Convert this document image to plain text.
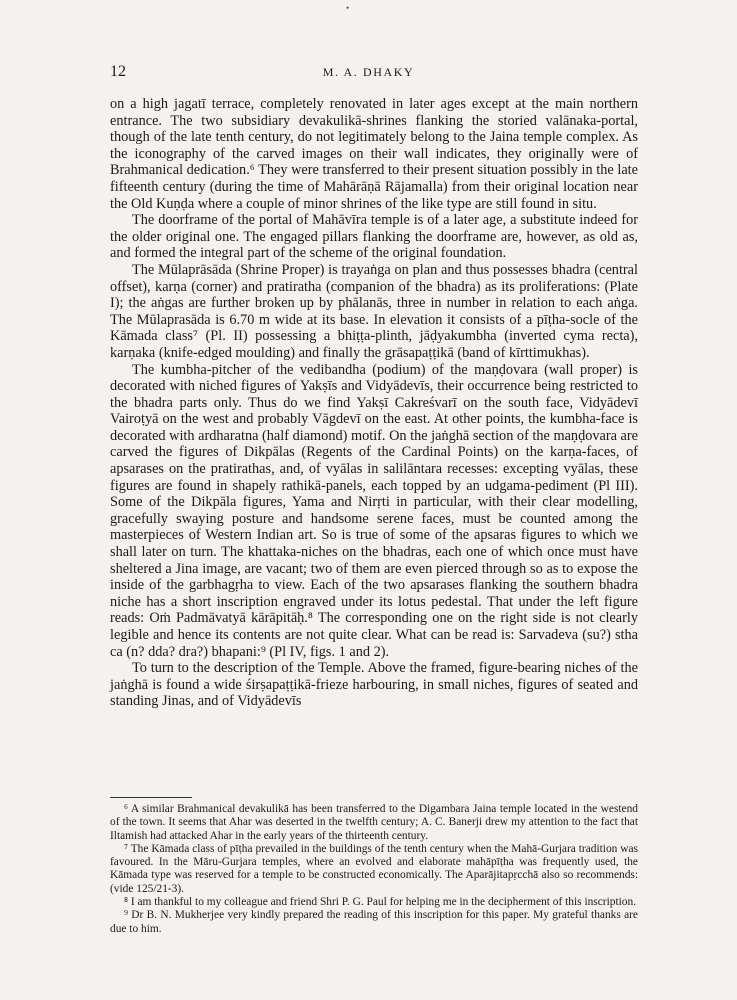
•
12	M. A. DHAKY

on a high jagatī terrace, completely renovated in later ages except at the main northern entrance. The two subsidiary devakulikā-shrines flanking the storied valānaka-portal, though of the late tenth century, do not legitimately belong to the Jaina temple complex. As the iconography of the carved images on their wall indicates, they originally were of Brahmanical dedication.⁶ They were transferred to their present situation possibly in the late fifteenth century (during the time of Mahārāṇā Rājamalla) from their original location near the Old Kuṇḍa where a couple of minor shrines of the like type are still found in situ.

The doorframe of the portal of Mahāvīra temple is of a later age, a substitute indeed for the older original one. The engaged pillars flanking the doorframe are, however, as old as, and formed the integral part of the scheme of the original foundation.

The Mūlaprāsāda (Shrine Proper) is trayaṅga on plan and thus possesses bhadra (central offset), karṇa (corner) and pratiratha (companion of the bhadra) as its proliferations: (Plate I); the aṅgas are further broken up by phālanās, three in number in relation to each aṅga. The Mūlaprasāda is 6.70 m wide at its base. In elevation it consists of a pīṭha-socle of the Kāmada class⁷ (Pl. II) possessing a bhiṭṭa-plinth, jāḍyakumbha (inverted cyma recta), karṇaka (knife-edged moulding) and finally the grāsapaṭṭikā (band of kīrttimukhas).

The kumbha-pitcher of the vedibandha (podium) of the maṇḍovara (wall proper) is decorated with niched figures of Yakṣīs and Vidyādevīs, their occurrence being restricted to the bhadra parts only. Thus do we find Yakṣī Cakreśvarī on the south face, Vidyādevī Vairoṭyā on the west and probably Vāgdevī on the east. At other points, the kumbha-face is decorated with ardharatna (half diamond) motif. On the jaṅghā section of the maṇḍovara are carved the figures of Dikpālas (Regents of the Cardinal Points) on the karṇa-faces, of apsarases on the pratirathas, and, of vyālas in salilāntara recesses: excepting vyālas, these figures are found in shapely rathikā-panels, each topped by an udgama-pediment (Pl III). Some of the Dikpāla figures, Yama and Nirṛti in particular, with their clear modelling, gracefully swaying posture and handsome serene faces, must be counted among the masterpieces of Western Indian art. So is true of some of the apsaras figures to which we shall later on turn. The khattaka-niches on the bhadras, each one of which once must have sheltered a Jina image, are vacant; two of them are even pierced through so as to expose the inside of the garbhagṛha to view. Each of the two apsarases flanking the southern bhadra niche has a short inscription engraved under its lotus pedestal. That under the left figure reads: Oṁ Padmāvatyā kārāpitāḥ.⁸ The corresponding one on the right side is not clearly legible and hence its contents are not quite clear. What can be read is: Sarvadeva (su?) stha ca (n? dda? dra?) bhapani:⁹ (Pl IV, figs. 1 and 2).

To turn to the description of the Temple. Above the framed, figure-bearing niches of the jaṅghā is found a wide śirṣapaṭṭikā-frieze harbouring, in small niches, figures of seated and standing Jinas, and of Vidyādevīs

⁶ A similar Brahmanical devakulikā has been transferred to the Digambara Jaina temple located in the westend of the town. It seems that Ahar was deserted in the twelfth century; A. C. Banerji drew my attention to the fact that Iltamish had attacked Ahar in the early years of the thirteenth century.

⁷ The Kāmada class of pīṭha prevailed in the buildings of the tenth century when the Mahā-Gurjara tradition was favoured. In the Māru-Gurjara temples, where an evolved and elaborate mahāpīṭha was frequently used, the Kāmada type was reserved for a temple to be constructed economically. The Aparājitapṛcchā also so recommends: (vide 125/21-3).

⁸ I am thankful to my colleague and friend Shri P. G. Paul for helping me in the decipherment of this inscription.

⁹ Dr B. N. Mukherjee very kindly prepared the reading of this inscription for this paper. My grateful thanks are due to him.
